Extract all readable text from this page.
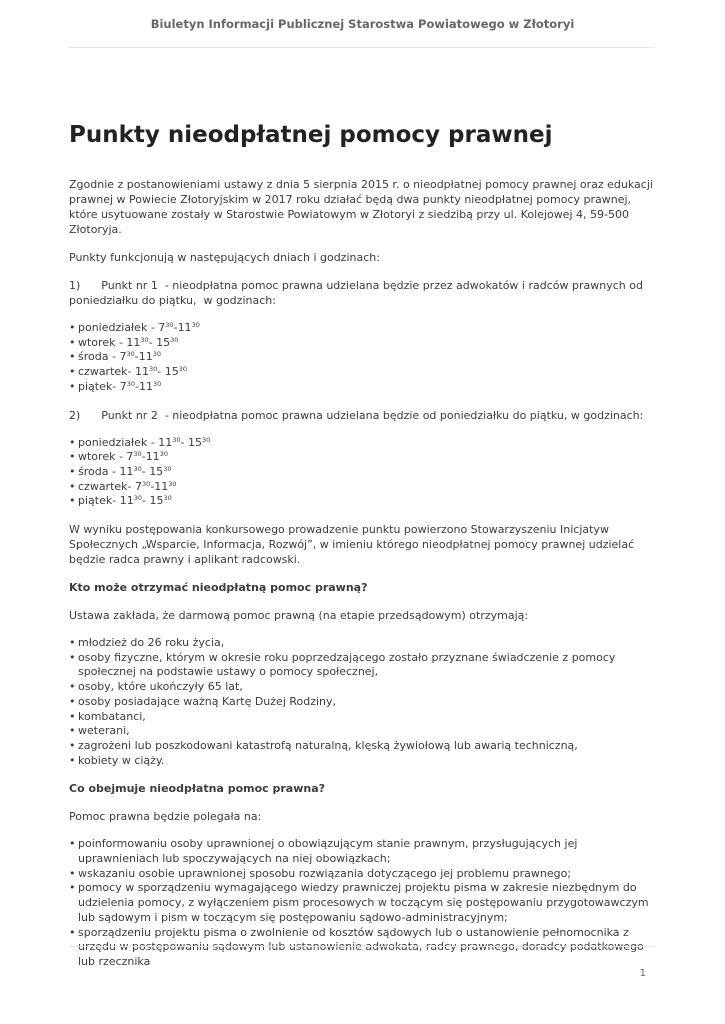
Biuletyn Informacji Publicznej Starostwa Powiatowego w Złotoryi
Punkty nieodpłatnej pomocy prawnej

Zgodnie z postanowieniami ustawy z dnia 5 sierpnia 2015 r. o nieodpłatnej pomocy prawnej oraz edukacji prawnej w Powiecie Złotoryjskim w 2017 roku działać będą dwa punkty nieodpłatnej pomocy prawnej, które usytuowane zostały w Starostwie Powiatowym w Złotoryi z siedzibą przy ul. Kolejowej 4, 59-500 Złotoryja.

Punkty funkcjonują w następujących dniach i godzinach:

1)      Punkt nr 1  - nieodpłatna pomoc prawna udzielana będzie przez adwokatów i radców prawnych od poniedziałku do piątku,  w godzinach:

• poniedziałek - $7^{30}-11^{30}$
• wtorek - $11^{30}-$ $15^{30}$
• środa - $7^{30}-11^{30}$
• czwartek- $11^{30}-$ $15^{30}$
• piątek- $7^{30}-11^{30}$

2)      Punkt nr 2  - nieodpłatna pomoc prawna udzielana będzie od poniedziałku do piątku, w godzinach:

• poniedziałek - $11^{30}-$ $15^{30}$
• wtorek - $7^{30}-11^{30}$
• środa - $11^{30}-$ $15^{30}$
• czwartek- $7^{30}-11^{30}$
• piątek- $11^{30}-$ $15^{30}$

W wyniku postępowania konkursowego prowadzenie punktu powierzono Stowarzyszeniu Inicjatyw Społecznych „Wsparcie, Informacja, Rozwój”, w imieniu którego nieodpłatnej pomocy prawnej udzielać będzie radca prawny i aplikant radcowski.

Kto może otrzymać nieodpłatną pomoc prawną?

Ustawa zakłada, że darmową pomoc prawną (na etapie przedsądowym) otrzymają:

• młodzież do 26 roku życia,
• osoby fizyczne, którym w okresie roku poprzedzającego zostało przyznane świadczenie z pomocy społecznej na podstawie ustawy o pomocy społecznej,
• osoby, które ukończyły 65 lat,
• osoby posiadające ważną Kartę Dużej Rodziny,
• kombatanci,
• weterani,
• zagrożeni lub poszkodowani katastrofą naturalną, klęską żywiołową lub awarią techniczną,
• kobiety w ciąży.

Co obejmuje nieodpłatna pomoc prawna?

Pomoc prawna będzie polegała na:

• poinformowaniu osoby uprawnionej o obowiązującym stanie prawnym, przysługujących jej uprawnieniach lub spoczywających na niej obowiązkach;
• wskazaniu osobie uprawnionej sposobu rozwiązania dotyczącego jej problemu prawnego;
• pomocy w sporządzeniu wymagającego wiedzy prawniczej projektu pisma w zakresie niezbędnym do udzielenia pomocy, z wyłączeniem pism procesowych w toczącym się postępowaniu przygotowawczym lub sądowym i pism w toczącym się postępowaniu sądowo-administracyjnym;
• sporządzeniu projektu pisma o zwolnienie od kosztów sądowych lub o ustanowienie pełnomocnika z lub rzecznika
1
